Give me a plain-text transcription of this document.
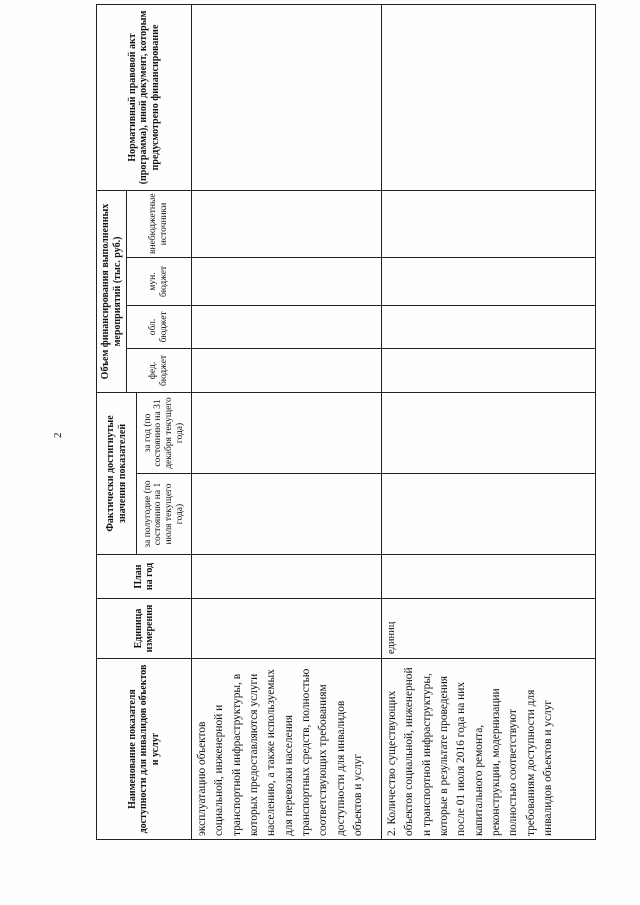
2
Наименование показателя доступности для инвалидов объектов и услуг	Единица измерения	План на год	Фактически достигнутые значения показателей		Объем финансирования выполненных мероприятий (тыс. руб.)				Нормативный правовой акт (программа), иной документ, которым предусмотрено финансирование
					фед. бюджет	обл. бюджет	мун. бюджет	внебюджетные источники	
			за полугодие (по состоянию на 1 июля текущего года)	за год (по состоянию на 31 декабря текущего года)					
эксплуатацию объектов социальной, инженерной и транспортной инфраструктуры, в которых предоставляются услуги населению, а также используемых для перевозки населения транспортных средств, полностью соответствующих требованиям доступности для инвалидов объектов и услуг									
2. Количество существующих объектов социальной, инженерной и транспортной инфраструктуры, которые в результате проведения после 01 июля 2016 года на них капитального ремонта, реконструкции, модернизации полностью соответствуют требованиям доступности для инвалидов объектов и услуг	единиц								
